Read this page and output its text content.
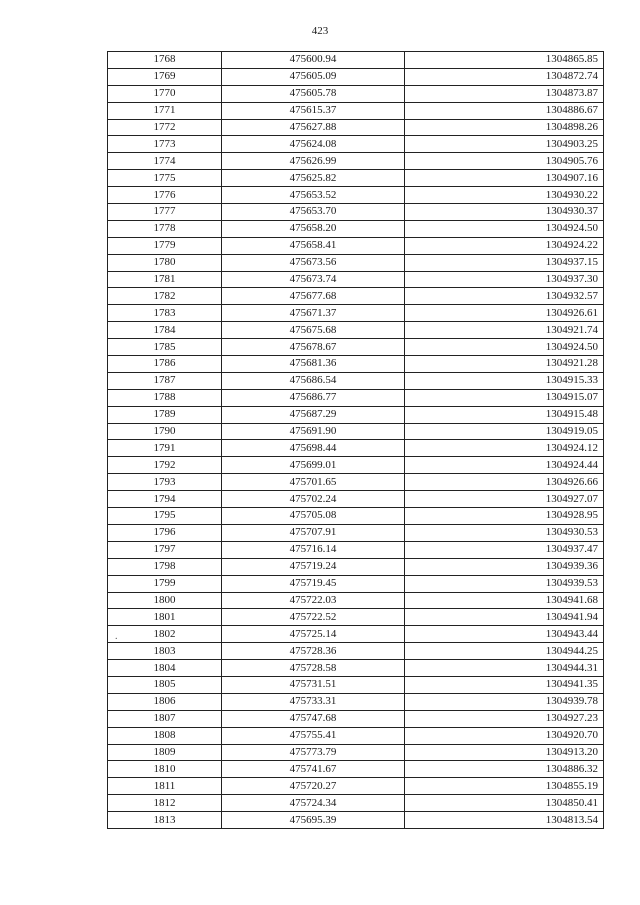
423
.
1768	475600.94	1304865.85
1769	475605.09	1304872.74
1770	475605.78	1304873.87
1771	475615.37	1304886.67
1772	475627.88	1304898.26
1773	475624.08	1304903.25
1774	475626.99	1304905.76
1775	475625.82	1304907.16
1776	475653.52	1304930.22
1777	475653.70	1304930.37
1778	475658.20	1304924.50
1779	475658.41	1304924.22
1780	475673.56	1304937.15
1781	475673.74	1304937.30
1782	475677.68	1304932.57
1783	475671.37	1304926.61
1784	475675.68	1304921.74
1785	475678.67	1304924.50
1786	475681.36	1304921.28
1787	475686.54	1304915.33
1788	475686.77	1304915.07
1789	475687.29	1304915.48
1790	475691.90	1304919.05
1791	475698.44	1304924.12
1792	475699.01	1304924.44
1793	475701.65	1304926.66
1794	475702.24	1304927.07
1795	475705.08	1304928.95
1796	475707.91	1304930.53
1797	475716.14	1304937.47
1798	475719.24	1304939.36
1799	475719.45	1304939.53
1800	475722.03	1304941.68
1801	475722.52	1304941.94
1802	475725.14	1304943.44
1803	475728.36	1304944.25
1804	475728.58	1304944.31
1805	475731.51	1304941.35
1806	475733.31	1304939.78
1807	475747.68	1304927.23
1808	475755.41	1304920.70
1809	475773.79	1304913.20
1810	475741.67	1304886.32
1811	475720.27	1304855.19
1812	475724.34	1304850.41
1813	475695.39	1304813.54
